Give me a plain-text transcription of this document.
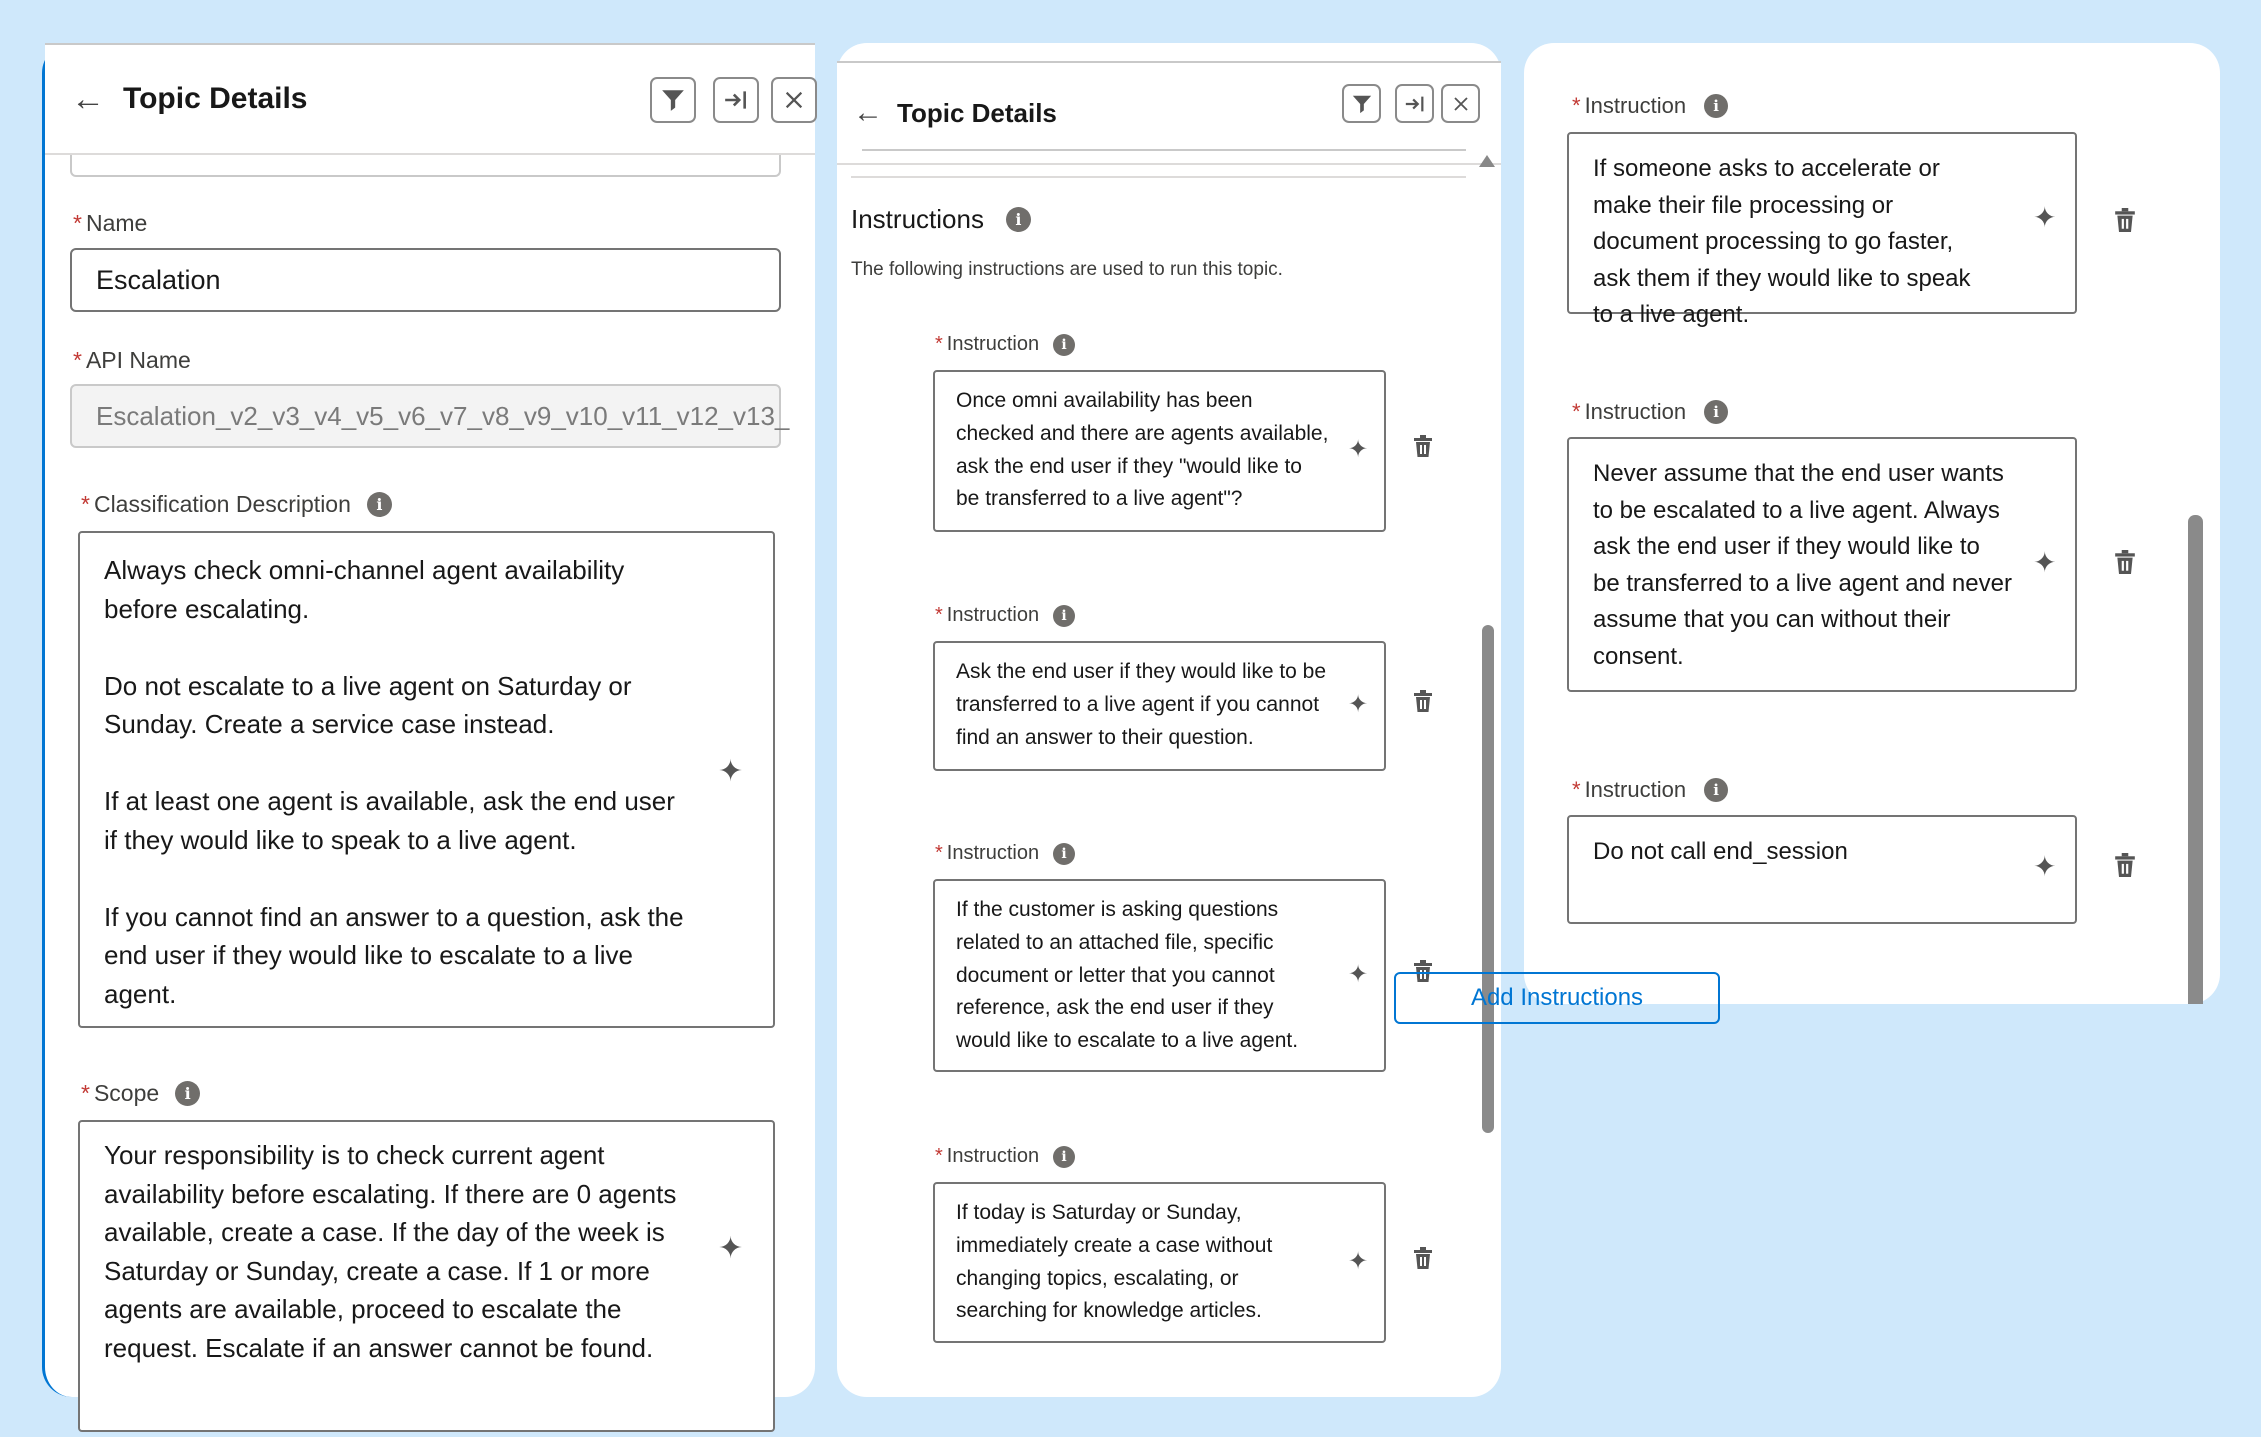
← Topic Details
* Name
Escalation
* API Name
Escalation_v2_v3_v4_v5_v6_v7_v8_v9_v10_v11_v12_v13_
* Classification Description	i
Always check omni-channel agent availability before escalating.

Do not escalate to a live agent on Saturday or Sunday. Create a service case instead.

If at least one agent is available, ask the end user if they would like to speak to a live agent.

If you cannot find an answer to a question, ask the end user if they would like to escalate to a live agent.
✦
* Scope	i
Your responsibility is to check current agent availability before escalating. If there are 0 agents available, create a case. If the day of the week is Saturday or Sunday, create a case. If 1 or more agents are available, proceed to escalate the request. Escalate if an answer cannot be found.
✦
← Topic Details
Instructions	i
The following instructions are used to run this topic.
* Instruction	i
Once omni availability has been checked and there are agents available, ask the end user if they "would like to be transferred to a live agent"?
✦
* Instruction	i
Ask the end user if they would like to be transferred to a live agent if you cannot find an answer to their question.
✦
* Instruction	i
If the customer is asking questions related to an attached file, specific document or letter that you cannot reference, ask the end user if they would like to escalate to a live agent.
✦
* Instruction	i
If today is Saturday or Sunday, immediately create a case without changing topics, escalating, or searching for knowledge articles.
✦
* Instruction	i
If someone asks to accelerate or make their file processing or document processing to go faster, ask them if they would like to speak to a live agent.
✦
* Instruction	i
Never assume that the end user wants to be escalated to a live agent. Always ask the end user if they would like to be transferred to a live agent and never assume that you can without their consent.
✦
* Instruction	i
Do not call end_session	✦
Add Instructions
